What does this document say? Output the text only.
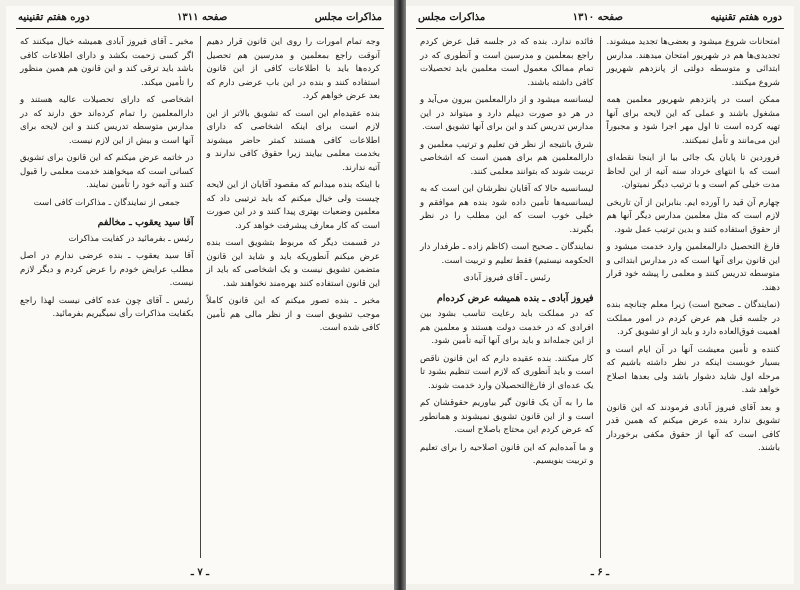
مذاکرات مجلس
صفحه ۱۳۱۱
دوره هفتم تقنینیه

وجه تمام امورات را روی این قانون قرار دهیم آنوقت راجع بمعلمین و مدرسین هم تحصیل کرده‌ها باید با اطلاعات کافی از این قانون استفاده کنند و بنده در این باب عرضی دارم که بعد عرض خواهم کرد.

بنده عقیده‌ام این است که تشویق بالاتر از این لازم است برای اینکه اشخاصی که دارای اطلاعات کافی هستند کمتر حاضر میشوند بخدمت معلمی بیایند زیرا حقوق کافی ندارند و آتیه ندارند.

با اینکه بنده میدانم که مقصود آقایان از این لایحه چیست ولی خیال میکنم که باید ترتیبی داد که معلمین وضعیات بهتری پیدا کنند و در این صورت است که کار معارف پیشرفت خواهد کرد.

در قسمت دیگر که مربوط بتشویق است بنده عرض میکنم آنطوریکه باید و شاید این قانون متضمن تشویق نیست و یک اشخاصی که باید از این قانون استفاده کنند بهره‌مند نخواهند شد.

مخبر ـ بنده تصور میکنم که این قانون کاملاً موجب تشویق است و از نظر مالی هم تأمین کافی شده است.

مخبر ـ آقای فیروز آبادی همیشه خیال میکنند که اگر کسی زحمت بکشد و دارای اطلاعات کافی باشد باید ترقی کند و این قانون هم همین منظور را تأمین میکند.

اشخاصی که دارای تحصیلات عالیه هستند و دارالمعلمین را تمام کرده‌اند حق دارند که در مدارس متوسطه تدریس کنند و این لایحه برای آنها است و بیش از این لازم نیست.

در خاتمه عرض میکنم که این قانون برای تشویق کسانی است که میخواهند خدمت معلمی را قبول کنند و آتیه خود را تأمین نمایند.

جمعی از نمایندگان ـ مذاکرات کافی است

آقا سید یعقوب ـ مخالفم

رئیس ـ بفرمائید در کفایت مذاکرات

آقا سید یعقوب ـ بنده عرضی ندارم در اصل مطلب عرایض خودم را عرض کردم و دیگر لازم نیست.

رئیس ـ آقای چون عده کافی نیست لهذا راجع بکفایت مذاکرات رأی نمیگیریم بفرمائید.

ـ ۷ ـ
دوره هفتم تقنینیه
صفحه ۱۳۱۰
مذاکرات مجلس

امتحانات شروع میشود و بعضی‌ها تجدید میشوند. تجدیدی‌ها هم در شهریور امتحان میدهند. مدارس ابتدائی و متوسطه دولتی از پانزدهم شهریور شروع میکنند.

ممکن است در پانزدهم شهریور معلمین همه مشغول باشند و عملی که این لایحه برای آنها تهیه کرده است تا اول مهر اجرا شود و مجبوراً این می‌مانند و تأمل نمیکنند.

فروردین تا پایان یک جائی بیا از اینجا نقطه‌ای است که با انتهای خرداد سنه آتیه از این لحاظ مدت خیلی کم است و با ترتیب دیگر نمیتوان.

چهارم آن قید را آورده ایم. بنابراین از آن تاریخی لازم است که مثل معلمین مدارس دیگر آنها هم از حقوق استفاده کنند و بدین ترتیب عمل شود.

فارغ التحصیل دارالمعلمین وارد خدمت میشود و این قانون برای آنها است که در مدارس ابتدائی و متوسطه تدریس کنند و معلمی را پیشه خود قرار دهند.

(نمایندگان ـ صحیح است) زیرا معلم چنانچه بنده در جلسه قبل هم عرض کردم در امور مملکت اهمیت فوق‌العاده دارد و باید از او تشویق کرد.

کننده و تأمین معیشت آنها در آن ایام است و بسیار خوبست اینکه در نظر داشته باشیم که مرحله اول شاید دشوار باشد ولی بعدها اصلاح خواهد شد.

و بعد آقای فیروز آبادی فرمودند که این قانون تشویق ندارد بنده عرض میکنم که همین قدر کافی است که آنها از حقوق مکفی برخوردار باشند.

فائده ندارد. بنده که در جلسه قبل عرض کردم راجع بمعلمین و مدرسین است و آنطوری که در تمام ممالک معمول است معلمین باید تحصیلات کافی داشته باشند.

لیسانسه میشود و از دارالمعلمین بیرون می‌آید و در هر دو صورت دیپلم دارد و میتواند در این مدارس تدریس کند و این برای آنها تشویق است.

شرق بانتیجه از نظر فن تعلیم و ترتیب معلمین و دارالمعلمین هم برای همین است که اشخاصی تربیت شوند که بتوانند معلمی کنند.

لیسانسیه حالا که آقایان نظرشان این است که به لیسانسیه‌ها تأمین داده شود بنده هم موافقم و خیلی خوب است که این مطلب را در نظر بگیرند.

نمایندگان ـ صحیح است (کاظم زاده ـ طرفدار دار الحکومه نیستیم) فقط تعلیم و تربیت است.

رئیس ـ آقای فیروز آبادی

فیروز آبادی ـ بنده همیشه عرض کرده‌ام

که در مملکت باید رعایت تناسب بشود بین افرادی که در خدمت دولت هستند و معلمین هم از این جمله‌اند و باید برای آنها آتیه تأمین شود.

کار میکنند. بنده عقیده دارم که این قانون ناقص است و باید آنطوری که لازم است تنظیم بشود تا یک عده‌ای از فارغ‌التحصیلان وارد خدمت شوند.

ما را به آن یک قانون گیر بیاوریم حقوقشان کم است و از این قانون تشویق نمیشوند و همانطور که عرض کردم این محتاج باصلاح است.

و ما آمده‌ایم که این قانون اصلاحیه را برای تعلیم و تربیت بنویسیم.

ـ ۶ ـ
